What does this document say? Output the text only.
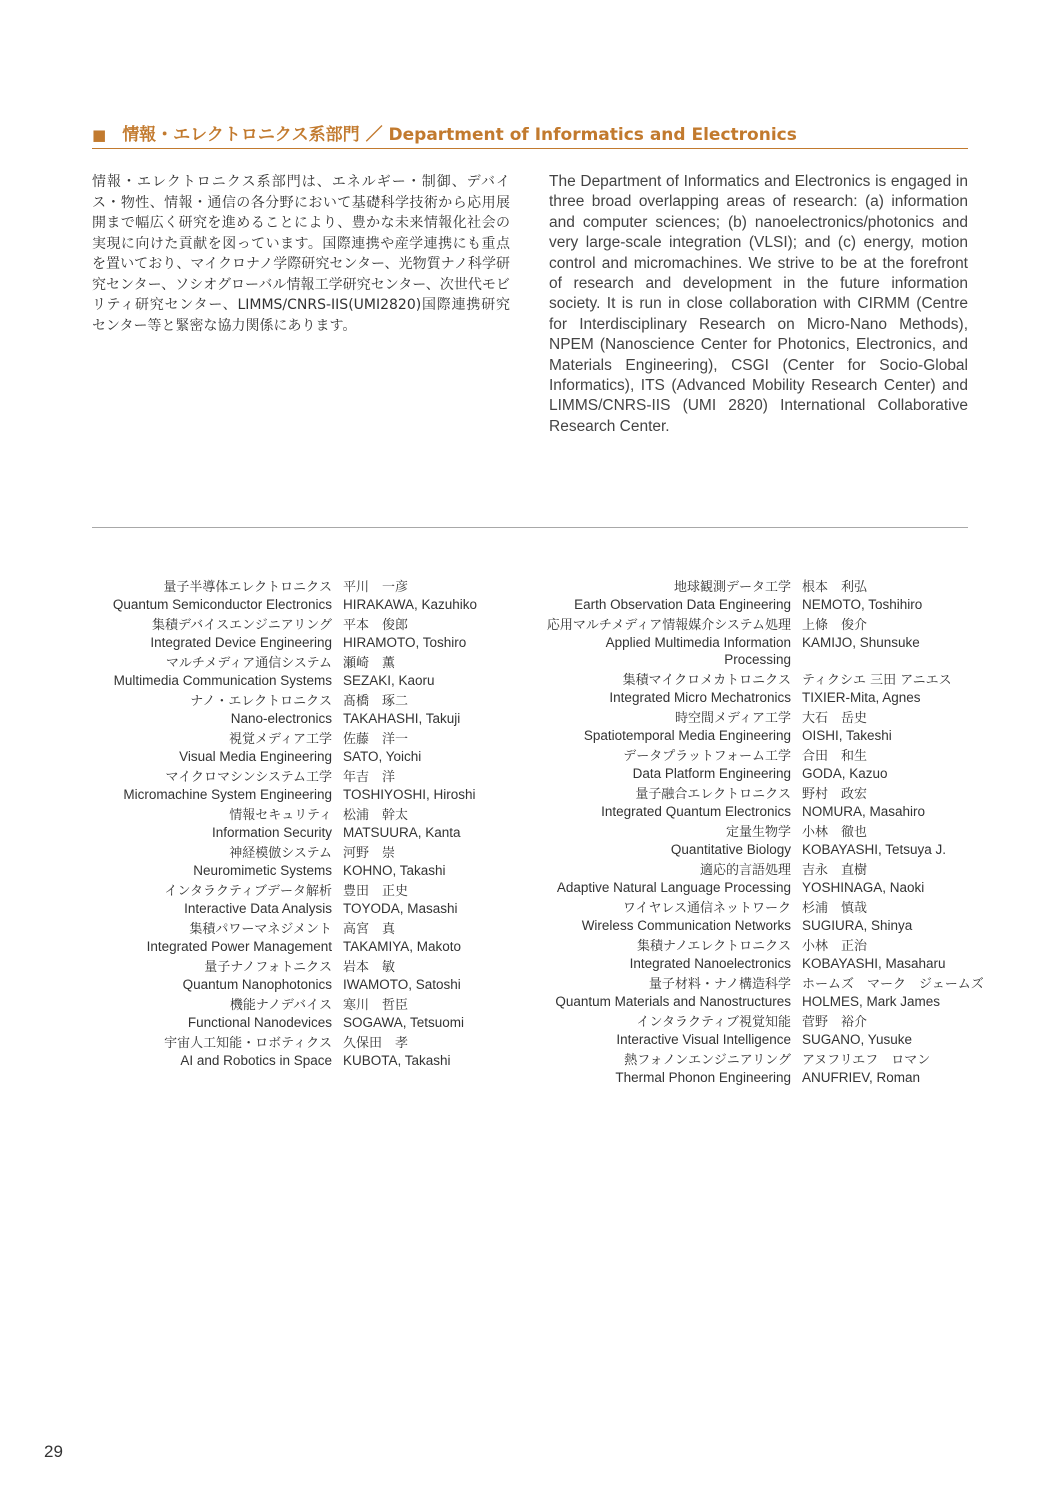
■ 情報・エレクトロニクス系部門 ／ Department of Informatics and Electronics
情報・エレクトロニクス系部門は、エネルギー・制御、デバイス・物性、情報・通信の各分野において基礎科学技術から応用展開まで幅広く研究を進めることにより、豊かな未来情報化社会の実現に向けた貢献を図っています。国際連携や産学連携にも重点を置いており、マイクロナノ学際研究センター、光物質ナノ科学研究センター、ソシオグローバル情報工学研究センター、次世代モビリティ研究センター、LIMMS/CNRS-IIS(UMI2820)国際連携研究センター等と緊密な協力関係にあります。
The Department of Informatics and Electronics is engaged in three broad overlapping areas of research: (a) information and computer sciences; (b) nanoelectronics/photonics and very large-scale integration (VLSI); and (c) energy, motion control and micromachines. We strive to be at the forefront of research and development in the future information society. It is run in close collaboration with CIRMM (Centre for Interdisciplinary Research on Micro-Nano Methods), NPEM (Nanoscience Center for Photonics, Electronics, and Materials Engineering), CSGI (Center for Socio-Global Informatics), ITS (Advanced Mobility Research Center) and LIMMS/CNRS-IIS (UMI 2820) International Collaborative Research Center.
量子半導体エレクトロニクス
Quantum Semiconductor Electronics
平川　一彦
HIRAKAWA, Kazuhiko
集積デバイスエンジニアリング
Integrated Device Engineering
平本　俊郎
HIRAMOTO, Toshiro
マルチメディア通信システム
Multimedia Communication Systems
瀬崎　薫
SEZAKI, Kaoru
ナノ・エレクトロニクス
Nano-electronics
髙橋　琢二
TAKAHASHI, Takuji
視覚メディア工学
Visual Media Engineering
佐藤　洋一
SATO, Yoichi
マイクロマシンシステム工学
Micromachine System Engineering
年吉　洋
TOSHIYOSHI, Hiroshi
情報セキュリティ
Information Security
松浦　幹太
MATSUURA, Kanta
神経模倣システム
Neuromimetic Systems
河野　崇
KOHNO, Takashi
インタラクティブデータ解析
Interactive Data Analysis
豊田　正史
TOYODA, Masashi
集積パワーマネジメント
Integrated Power Management
高宮　真
TAKAMIYA, Makoto
量子ナノフォトニクス
Quantum Nanophotonics
岩本　敏
IWAMOTO, Satoshi
機能ナノデバイス
Functional Nanodevices
寒川　哲臣
SOGAWA, Tetsuomi
宇宙人工知能・ロボティクス
AI and Robotics in Space
久保田　孝
KUBOTA, Takashi
地球観測データ工学
Earth Observation Data Engineering
根本　利弘
NEMOTO, Toshihiro
応用マルチメディア情報媒介システム処理
Applied Multimedia Information
Processing
上條　俊介
KAMIJO, Shunsuke
集積マイクロメカトロニクス
Integrated Micro Mechatronics
ティクシエ 三田 アニエス
TIXIER-Mita, Agnes
時空間メディア工学
Spatiotemporal Media Engineering
大石　岳史
OISHI, Takeshi
データプラットフォーム工学
Data Platform Engineering
合田　和生
GODA, Kazuo
量子融合エレクトロニクス
Integrated Quantum Electronics
野村　政宏
NOMURA, Masahiro
定量生物学
Quantitative Biology
小林　徹也
KOBAYASHI, Tetsuya J.
適応的言語処理
Adaptive Natural Language Processing
吉永　直樹
YOSHINAGA, Naoki
ワイヤレス通信ネットワーク
Wireless Communication Networks
杉浦　慎哉
SUGIURA, Shinya
集積ナノエレクトロニクス
Integrated Nanoelectronics
小林　正治
KOBAYASHI, Masaharu
量子材料・ナノ構造科学
Quantum Materials and Nanostructures
ホームズ　マーク　ジェームズ
HOLMES, Mark James
インタラクティブ視覚知能
Interactive Visual Intelligence
菅野　裕介
SUGANO, Yusuke
熱フォノンエンジニアリング
Thermal Phonon Engineering
アヌフリエフ　ロマン
ANUFRIEV, Roman
29
